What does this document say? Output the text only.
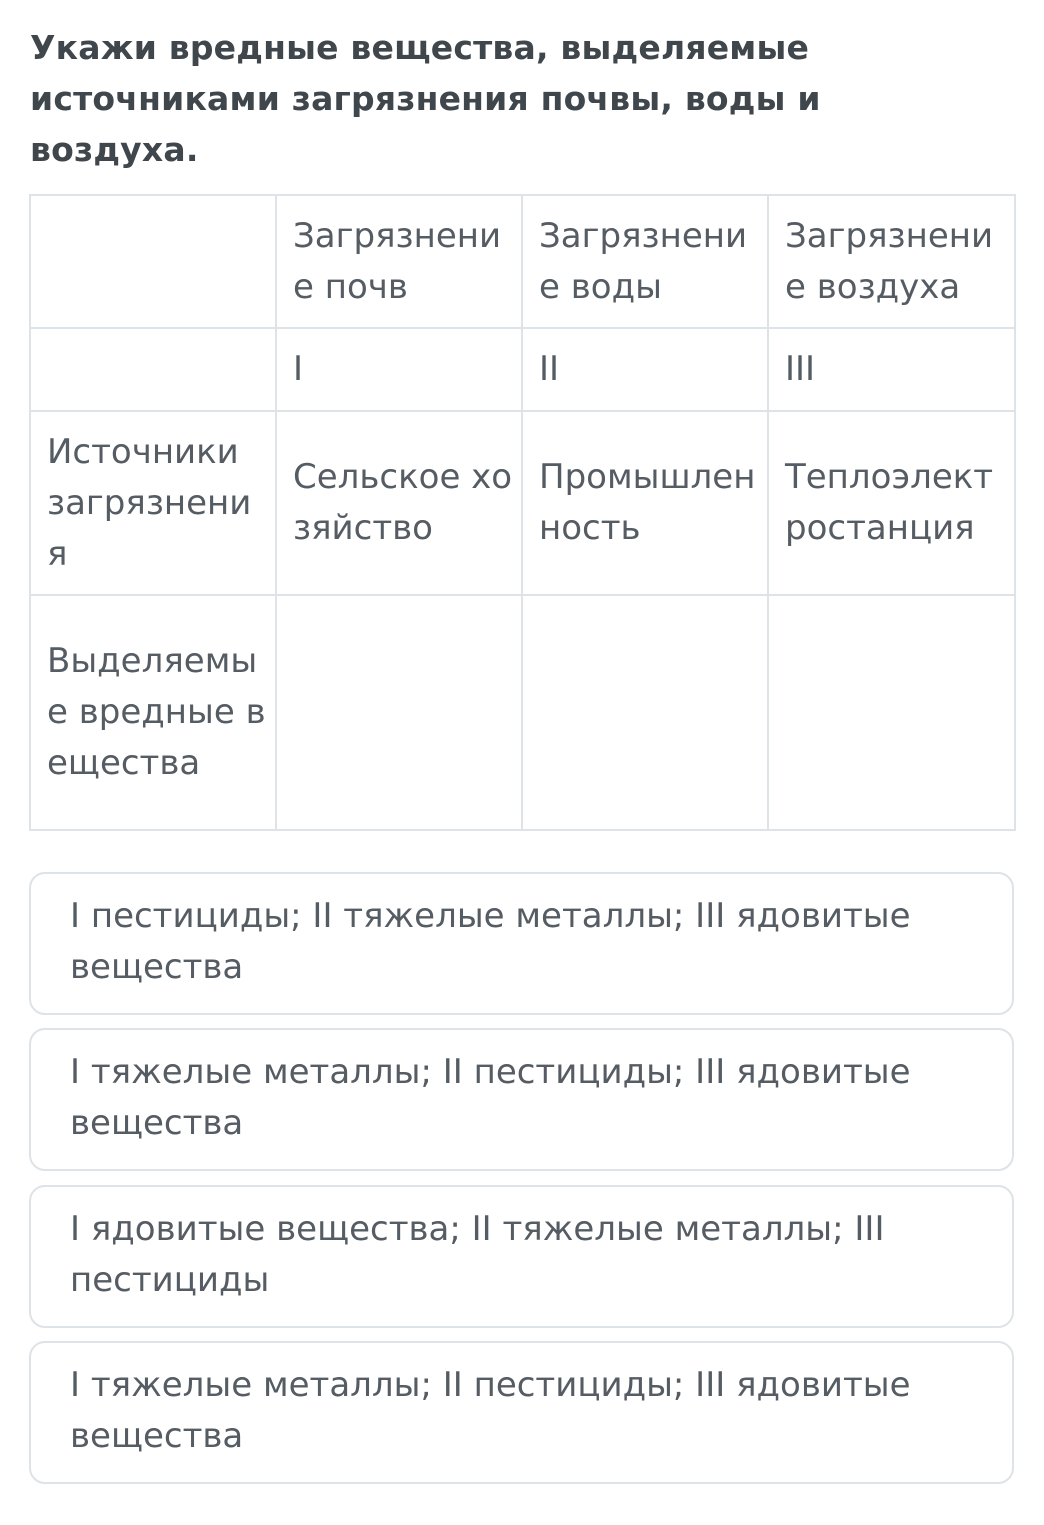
Укажи вредные вещества, выделяемые источниками загрязнения почвы, воды и воздуха.
	Загрязнение почв	Загрязнение воды	Загрязнение воздуха
	I	II	III
Источники загрязнения	Сельское хозяйство	Промышленность	Теплоэлектростанция
Выделяемые вредные вещества			
I пестициды; II тяжелые металлы; III ядовитые вещества
I тяжелые металлы; II пестициды; III ядовитые вещества
I ядовитые вещества; II тяжелые металлы; III пестициды
I тяжелые металлы; II пестициды; III ядовитые вещества
